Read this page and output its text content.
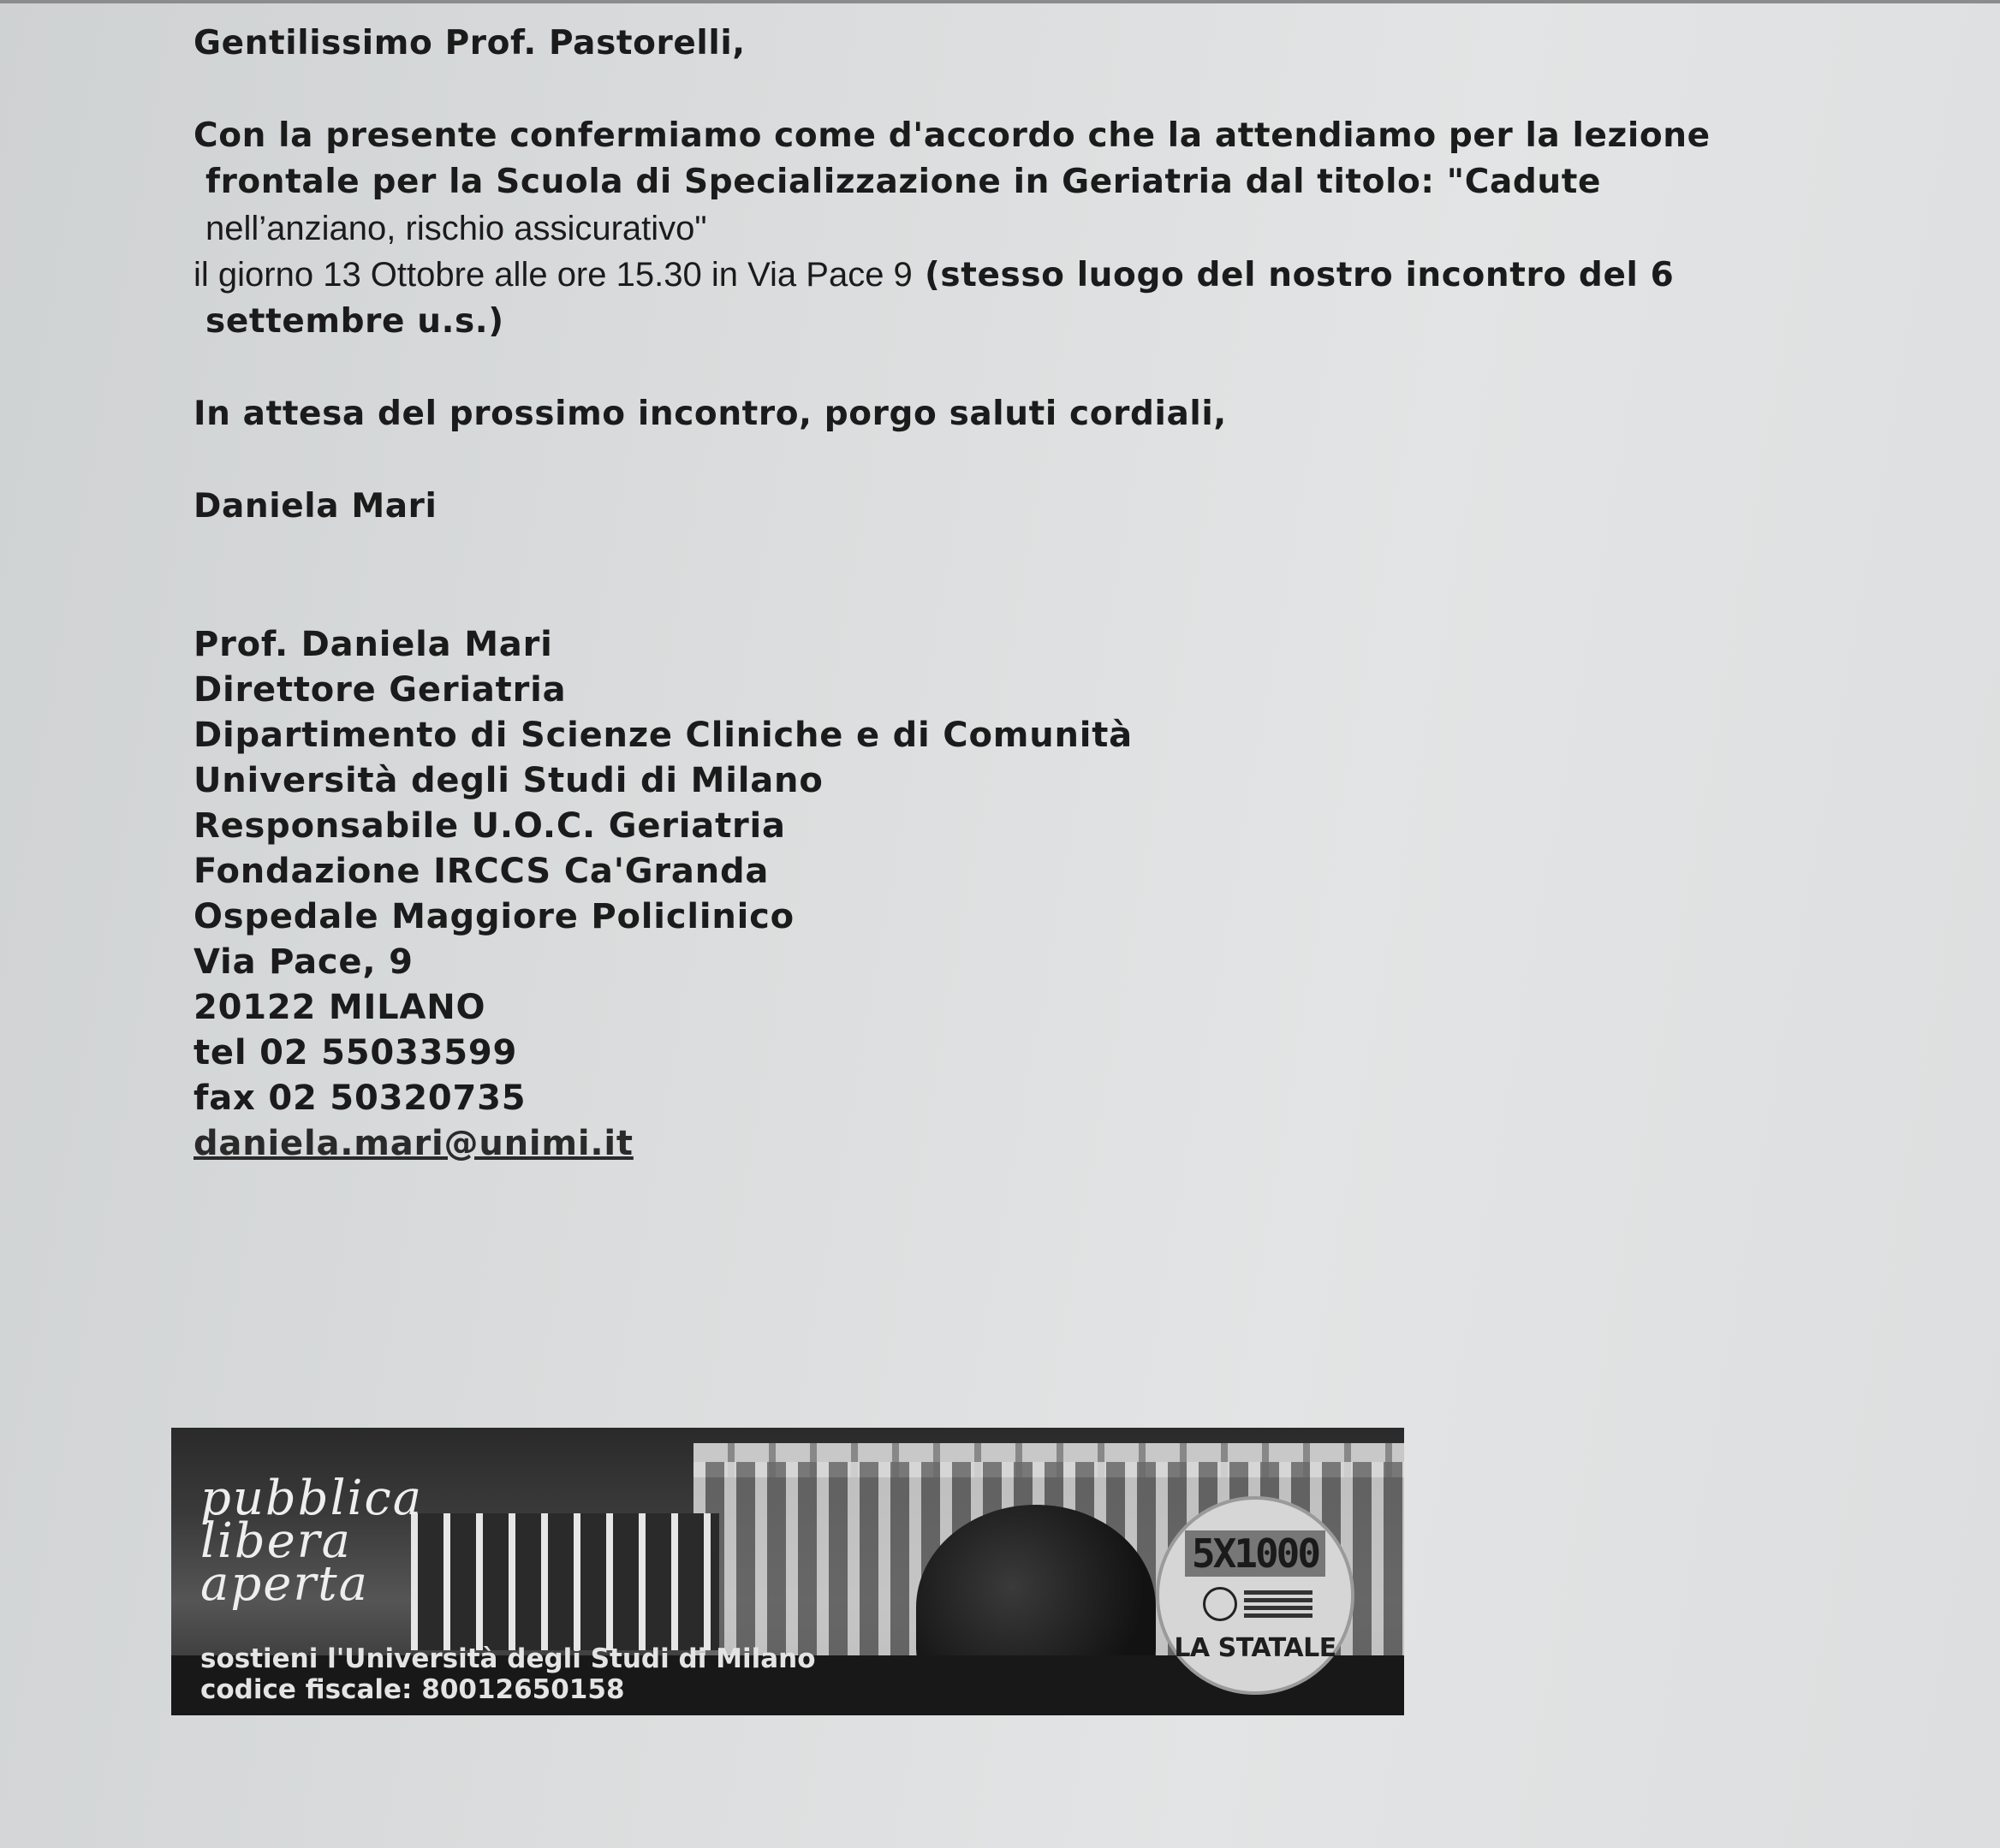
Gentilissimo Prof. Pastorelli,

Con la presente confermiamo come d'accordo che la attendiamo per la lezione

frontale per la Scuola di Specializzazione in Geriatria dal titolo: "Cadute

nell’anziano, rischio assicurativo"

il giorno 13 Ottobre alle ore 15.30 in Via Pace 9 (stesso luogo del nostro incontro del 6

settembre u.s.)

In attesa del prossimo incontro, porgo saluti cordiali,

Daniela Mari

Prof. Daniela Mari
Direttore Geriatria
Dipartimento di Scienze Cliniche e di Comunità
Università degli Studi di Milano
Responsabile U.O.C. Geriatria
Fondazione IRCCS Ca'Granda
Ospedale Maggiore Policlinico
Via Pace, 9
20122 MILANO
tel 02 55033599
fax 02 50320735
daniela.mari@unimi.it
pubblica
libera
aperta
sostieni l'Università degli Studi di Milano
codice fiscale: 80012650158
5X1000
LA STATALE
